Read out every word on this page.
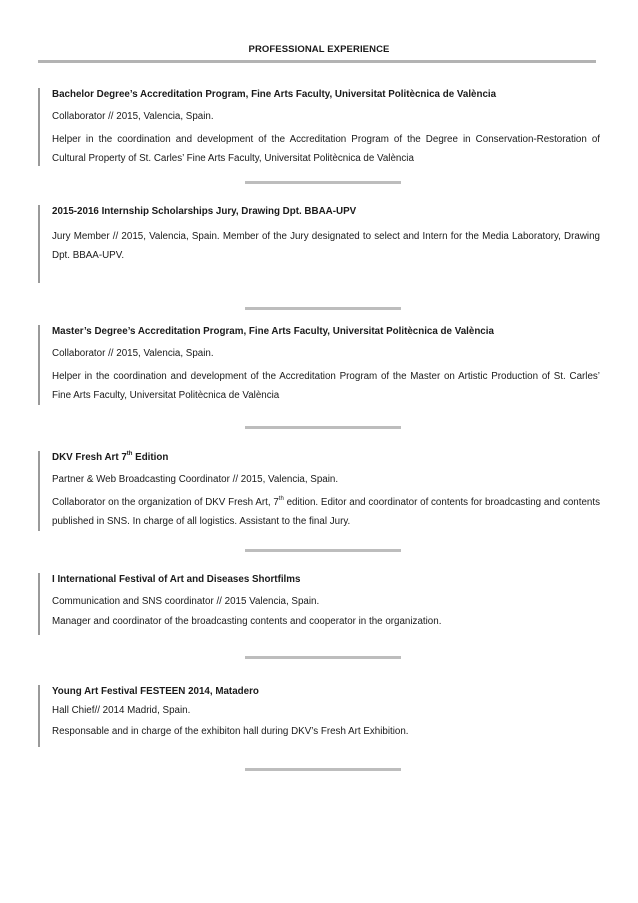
PROFESSIONAL EXPERIENCE
Bachelor Degree’s Accreditation Program, Fine Arts Faculty, Universitat Politècnica de València
Collaborator // 2015, Valencia, Spain.
Helper in the coordination and development of the Accreditation Program of the Degree in Conservation-Restoration of Cultural Property of St. Carles’ Fine Arts Faculty, Universitat Politècnica de València
2015-2016 Internship Scholarships Jury, Drawing Dpt. BBAA-UPV
Jury Member // 2015, Valencia, Spain. Member of the Jury designated to select and Intern for the Media Laboratory, Drawing Dpt. BBAA-UPV.
Master’s Degree’s Accreditation Program, Fine Arts Faculty, Universitat Politècnica de València
Collaborator // 2015, Valencia, Spain.
Helper in the coordination and development of the Accreditation Program of the Master on Artistic Production of St. Carles’ Fine Arts Faculty, Universitat Politècnica de València
DKV Fresh Art 7th Edition
Partner & Web Broadcasting Coordinator // 2015, Valencia, Spain.
Collaborator on the organization of DKV Fresh Art, 7th edition. Editor and coordinator of contents for broadcasting and contents published in SNS. In charge of all logistics. Assistant to the final Jury.
I International Festival of Art and Diseases Shortfilms
Communication and SNS coordinator // 2015 Valencia, Spain.
Manager and coordinator of the broadcasting contents and cooperator in the organization.
Young Art Festival FESTEEN 2014, Matadero
Hall Chief// 2014 Madrid, Spain.
Responsable and in charge of the exhibiton hall during DKV’s Fresh Art Exhibition.
